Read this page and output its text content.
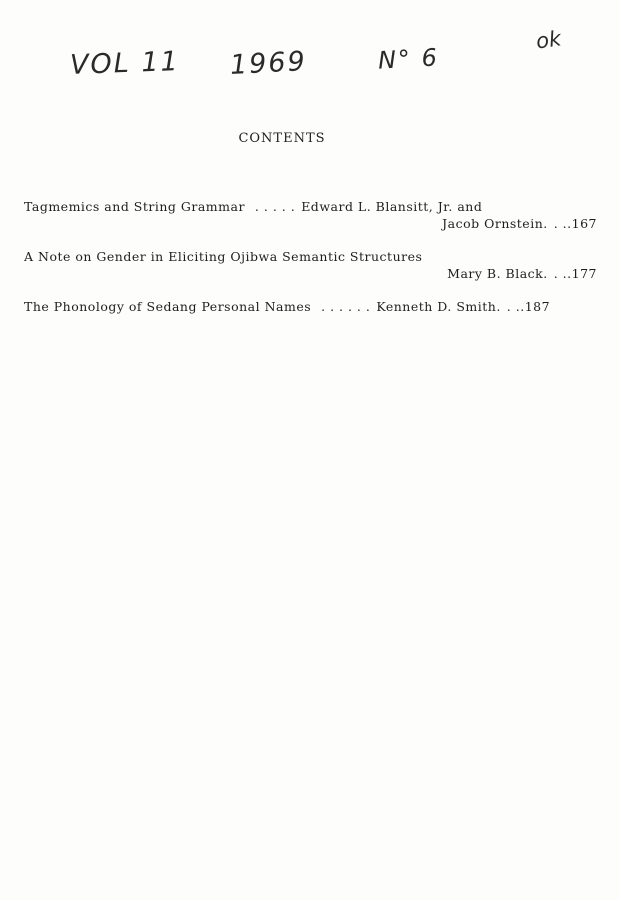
VOL 11 1969	N° 6
ok
CONTENTS
Tagmemics and String Grammar . . . . . Edward L. Blansitt, Jr. and
Jacob Ornstein. . . .167
A Note on Gender in Eliciting Ojibwa Semantic Structures
Mary B. Black. . . .177
The Phonology of Sedang Personal Names . . . . . . Kenneth D. Smith. . . .187
